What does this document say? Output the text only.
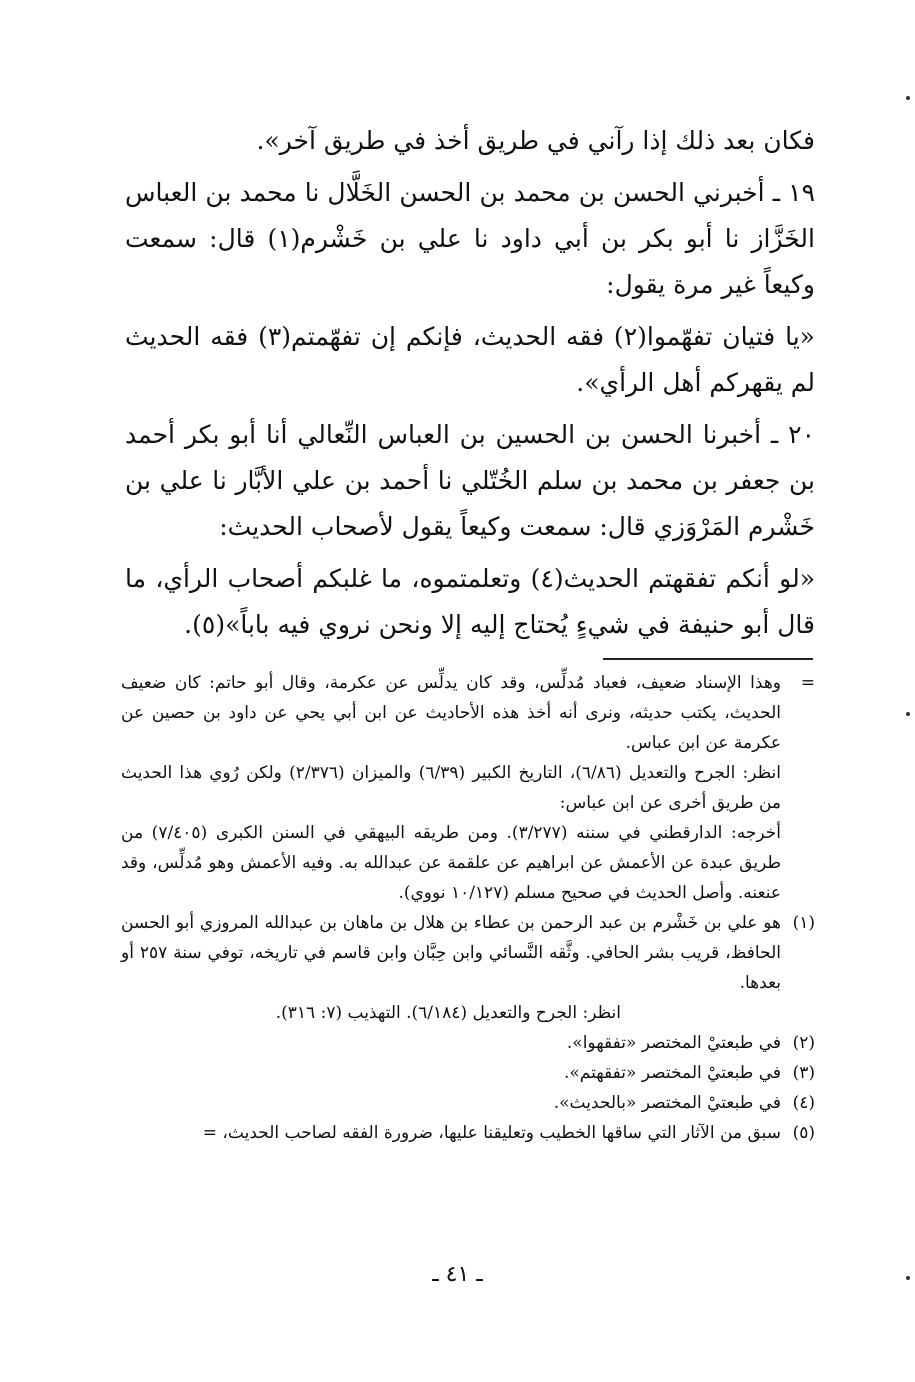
فكان بعد ذلك إذا رآني في طريق أخذ في طريق آخر».

١٩ ـ أخبرني الحسن بن محمد بن الحسن الخَلَّال نا محمد بن العباس الخَزَّاز نا أبو بكر بن أبي داود نا علي بن خَشْرم(١) قال: سمعت وكيعاً غير مرة يقول:

«يا فتيان تفهّموا(٢) فقه الحديث، فإنكم إن تفهّمتم(٣) فقه الحديث لم يقهركم أهل الرأي».

٢٠ ـ أخبرنا الحسن بن الحسين بن العباس النِّعالي أنا أبو بكر أحمد بن جعفر بن محمد بن سلم الخُتّلي نا أحمد بن علي الأبَّار نا علي بن خَشْرم المَرْوَزي قال: سمعت وكيعاً يقول لأصحاب الحديث:

«لو أنكم تفقهتم الحديث(٤) وتعلمتموه، ما غلبكم أصحاب الرأي، ما قال أبو حنيفة في شيءٍ يُحتاج إليه إلا ونحن نروي فيه باباً»(٥).

=
وهذا الإسناد ضعيف، فعباد مُدلِّس، وقد كان يدلِّس عن عكرمة، وقال أبو حاتم: كان ضعيف الحديث، يكتب حديثه، ونرى أنه أخذ هذه الأحاديث عن ابن أبي يحي عن داود بن حصين عن عكرمة عن ابن عباس.
انظر: الجرح والتعديل (٦/٨٦)، التاريخ الكبير (٦/٣٩) والميزان (٢/٣٧٦) ولكن رُوي هذا الحديث من طريق أخرى عن ابن عباس:
أخرجه: الدارقطني في سننه (٣/٢٧٧). ومن طريقه البيهقي في السنن الكبرى (٧/٤٠٥) من طريق عبدة عن الأعمش عن ابراهيم عن علقمة عن عبدالله به. وفيه الأعمش وهو مُدلِّس، وقد عنعنه. وأصل الحديث في صحيح مسلم (١٠/١٢٧ نووي).
(١)
هو علي بن خَشْرم بن عبد الرحمن بن عطاء بن هلال بن ماهان بن عبدالله المروزي أبو الحسن الحافظ، قريب بشر الحافي. وثَّقه النَّسائي وابن حِبَّان وابن قاسم في تاريخه، توفي سنة ٢٥٧ أو بعدها.
انظر: الجرح والتعديل (٦/١٨٤). التهذيب (٧: ٣١٦).
(٢)
في طبعتيْ المختصر «تفقهوا».
(٣)
في طبعتيْ المختصر «تفقهتم».
(٤)
في طبعتيْ المختصر «بالحديث».
(٥)
سبق من الآثار التي ساقها الخطيب وتعليقنا عليها، ضرورة الفقه لصاحب الحديث، =
ـ ٤١ ـ
